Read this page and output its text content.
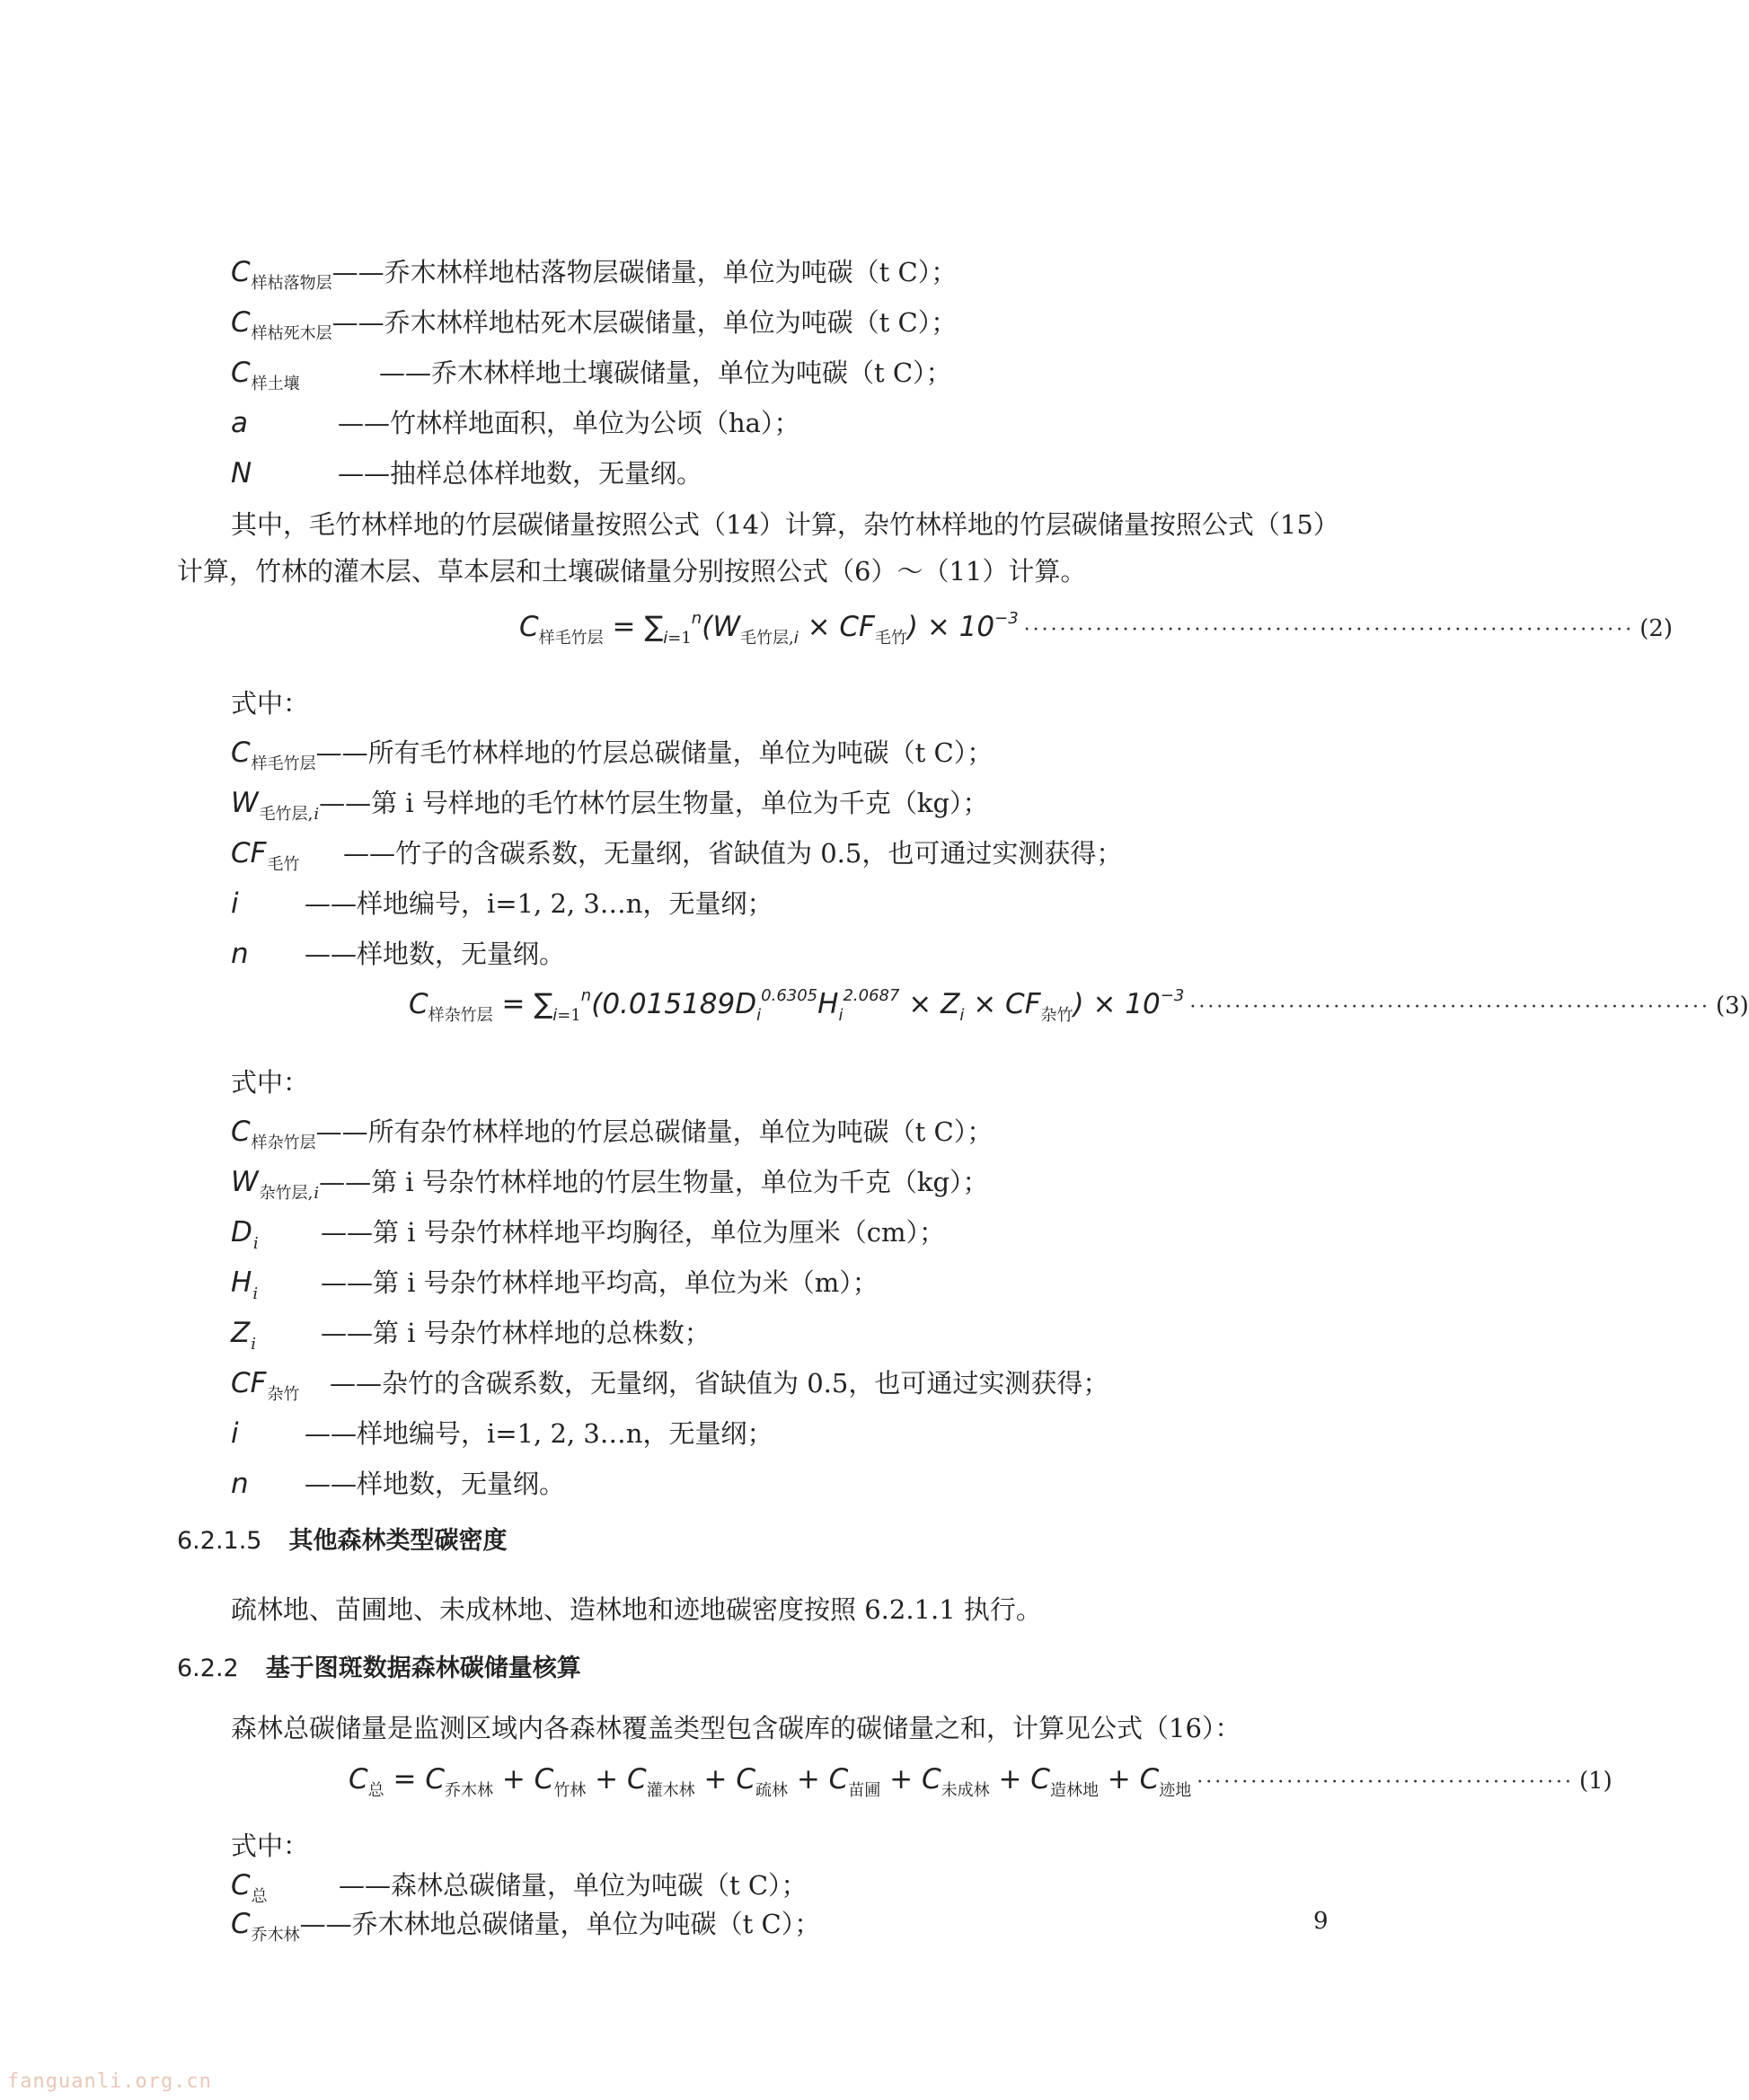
$C_{样枯落物层}$ ——乔木林样地枯落物层碳储量，单位为吨碳（t C）；
$C_{样枯死木层}$ ——乔木林样地枯死木层碳储量，单位为吨碳（t C）；
$C_{样土壤}$	——乔木林样地土壤碳储量，单位为吨碳（t C）；
a	——竹林样地面积，单位为公顷（ha）；
N	——抽样总体样地数，无量纲。
其中，毛竹林样地的竹层碳储量按照公式（14）计算，杂竹林样地的竹层碳储量按照公式（15）计算，竹林的灌木层、草本层和土壤碳储量分别按照公式（6）～（11）计算。
$C_{样毛竹层} = \sum_{i=1}^n(W_{毛竹层,i} \times CF_{毛竹}) \times 10^{-3}$
···································································· (2)
式中：
$C_{样毛竹层}$ ——所有毛竹林样地的竹层总碳储量，单位为吨碳（t C）；
$W_{毛竹层,i}$ ——第 i 号样地的毛竹林竹层生物量，单位为千克（kg）；
$CF_{毛竹}$	——竹子的含碳系数，无量纲，省缺值为 0.5，也可通过实测获得；
i	——样地编号，i=1, 2, 3…n，无量纲；
n	——样地数，无量纲。
$C_{样杂竹层} = \sum_{i=1}^n(0.015189D_i^{0.6305}H_i^{2.0687} \times Z_i \times CF_{杂竹}) \times 10^{-3}$
·························································· (3)
式中：
$C_{样杂竹层}$ ——所有杂竹林样地的竹层总碳储量，单位为吨碳（t C）；
$W_{杂竹层,i}$ ——第 i 号杂竹林样地的竹层生物量，单位为千克（kg）；
$D_i$	——第 i 号杂竹林样地平均胸径，单位为厘米（cm）；
$H_i$	——第 i 号杂竹林样地平均高，单位为米（m）；
$Z_i$	——第 i 号杂竹林样地的总株数；
$CF_{杂竹}$	——杂竹的含碳系数，无量纲，省缺值为 0.5，也可通过实测获得；
i	——样地编号，i=1, 2, 3…n，无量纲；
n	——样地数，无量纲。
6.2.1.5 其他森林类型碳密度
疏林地、苗圃地、未成林地、造林地和迹地碳密度按照 6.2.1.1 执行。
6.2.2 基于图斑数据森林碳储量核算
森林总碳储量是监测区域内各森林覆盖类型包含碳库的碳储量之和，计算见公式（16）：
$C_总 = C_{乔木林} + C_{竹林} + C_{灌木林} + C_{疏林} + C_{苗圃} + C_{未成林} + C_{造林地} + C_{迹地}$ ·········································· (1)
式中：
$C_总$	——森林总碳储量，单位为吨碳（t C）；
$C_{乔木林}$ ——乔木林地总碳储量，单位为吨碳（t C）；	9
fanguanli.org.cn
